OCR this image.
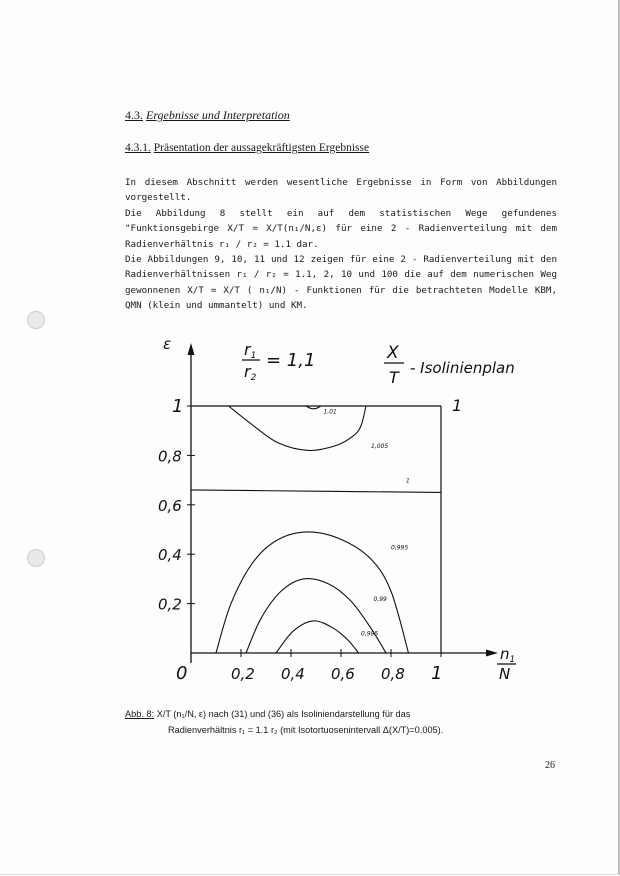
4.3. Ergebnisse und Interpretation
4.3.1. Präsentation der aussagekräftigsten Ergebnisse

In diesem Abschnitt werden wesentliche Ergebnisse in Form von Abbildungen vorgestellt.

Die Abbildung 8 stellt ein auf dem statistischen Wege gefundenes "Funktionsgebirge X/T = X/T(n₁/N,ε) für eine 2 - Radienverteilung mit dem Radienverhältnis r₁ / r₂ = 1.1 dar.

Die Abbildungen 9, 10, 11 und 12 zeigen für eine 2 - Radienverteilung mit den Radienverhältnissen r₁ / r₂ = 1.1, 2, 10 und 100 die auf dem numerischen Weg gewonnenen X/T = X/T ( n₁/N) - Funktionen für die betrachteten Modelle KBM, QMN (klein und ummantelt) und KM.

r1
r2
= 1,1	X
T - Isolinienplan
ε
$n_1$
N
1,01
1,005
1
0,995
0,99
0,985
0	0,2 0,4 0,6 0,8 1
1
0,8
0,6
0,4
0,2
1
Abb. 8: X/T (n₁/N, ε) nach (31) und (36) als Isoliniendarstellung für das
Radienverhältnis r₁ = 1.1 r₂ (mit Isotortuosenintervall Δ(X/T)=0.005).
26
